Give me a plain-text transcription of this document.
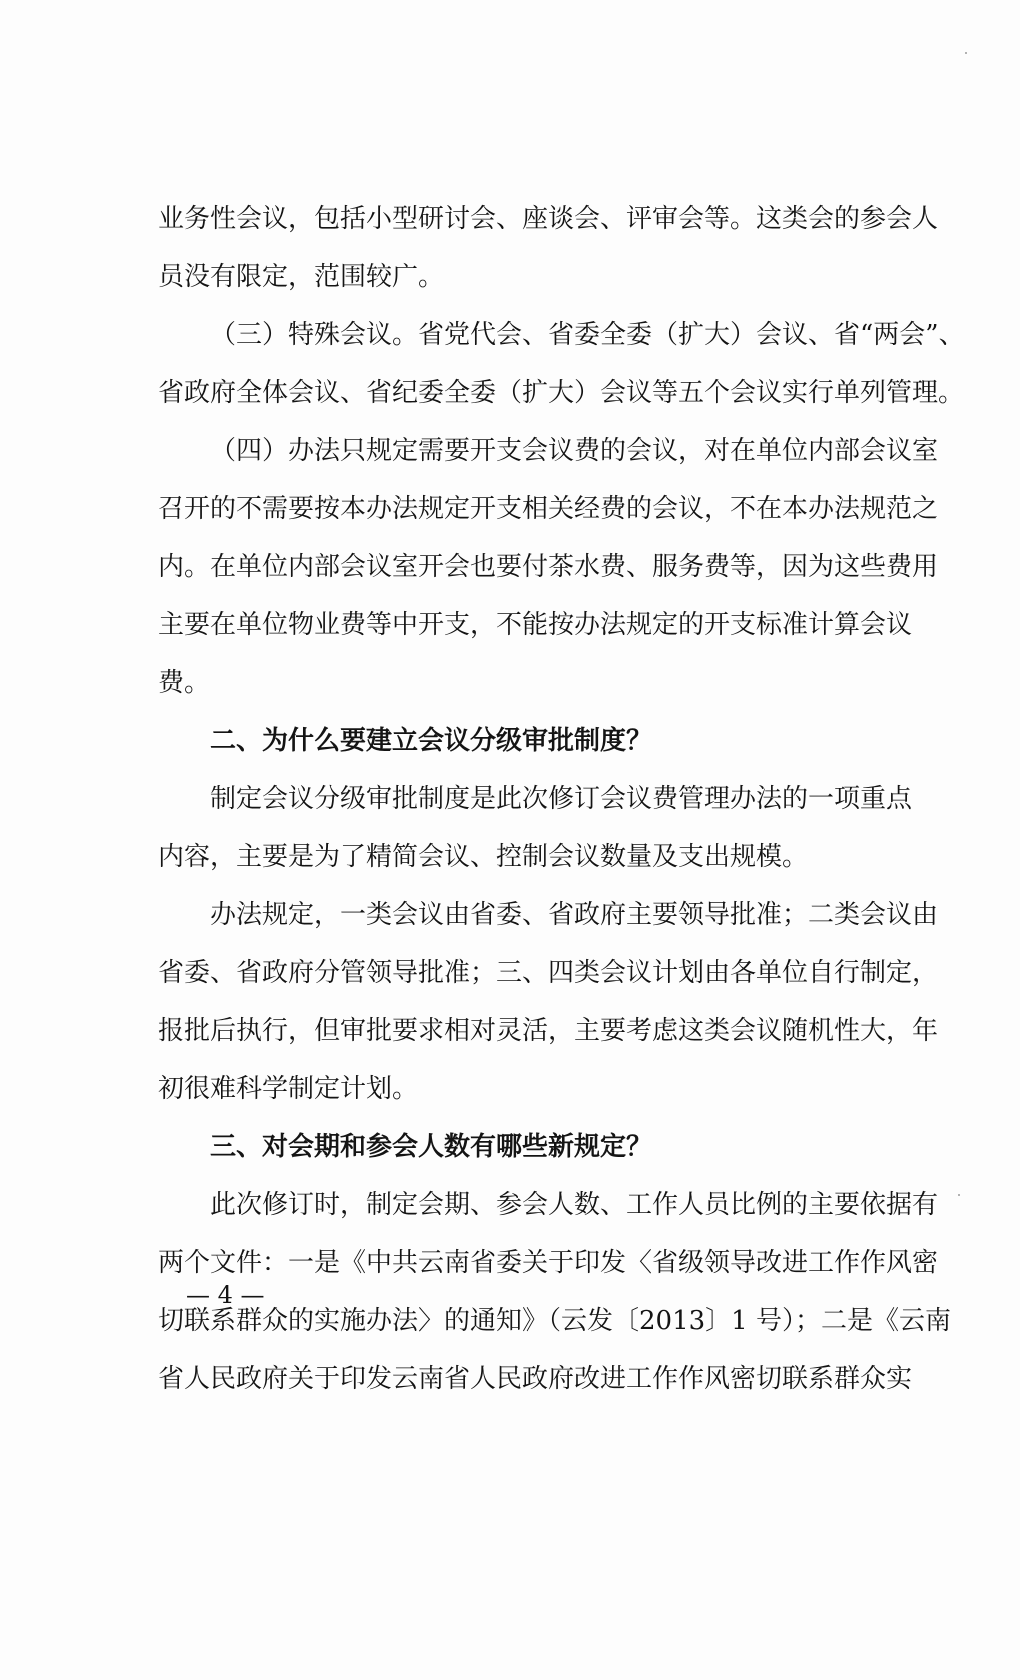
业务性会议，包括小型研讨会、座谈会、评审会等。这类会的参会人
员没有限定，范围较广。
（三）特殊会议。省党代会、省委全委（扩大）会议、省“两会”、
省政府全体会议、省纪委全委（扩大）会议等五个会议实行单列管理。
（四）办法只规定需要开支会议费的会议，对在单位内部会议室
召开的不需要按本办法规定开支相关经费的会议，不在本办法规范之
内。在单位内部会议室开会也要付茶水费、服务费等，因为这些费用
主要在单位物业费等中开支，不能按办法规定的开支标准计算会议
费。
二、为什么要建立会议分级审批制度？
制定会议分级审批制度是此次修订会议费管理办法的一项重点
内容，主要是为了精简会议、控制会议数量及支出规模。
办法规定，一类会议由省委、省政府主要领导批准；二类会议由
省委、省政府分管领导批准；三、四类会议计划由各单位自行制定，
报批后执行，但审批要求相对灵活，主要考虑这类会议随机性大，年
初很难科学制定计划。
三、对会期和参会人数有哪些新规定？
此次修订时，制定会期、参会人数、工作人员比例的主要依据有
两个文件：一是《中共云南省委关于印发〈省级领导改进工作作风密
切联系群众的实施办法〉的通知》（云发〔2013〕1 号）；二是《云南
省人民政府关于印发云南省人民政府改进工作作风密切联系群众实
— 4 —
